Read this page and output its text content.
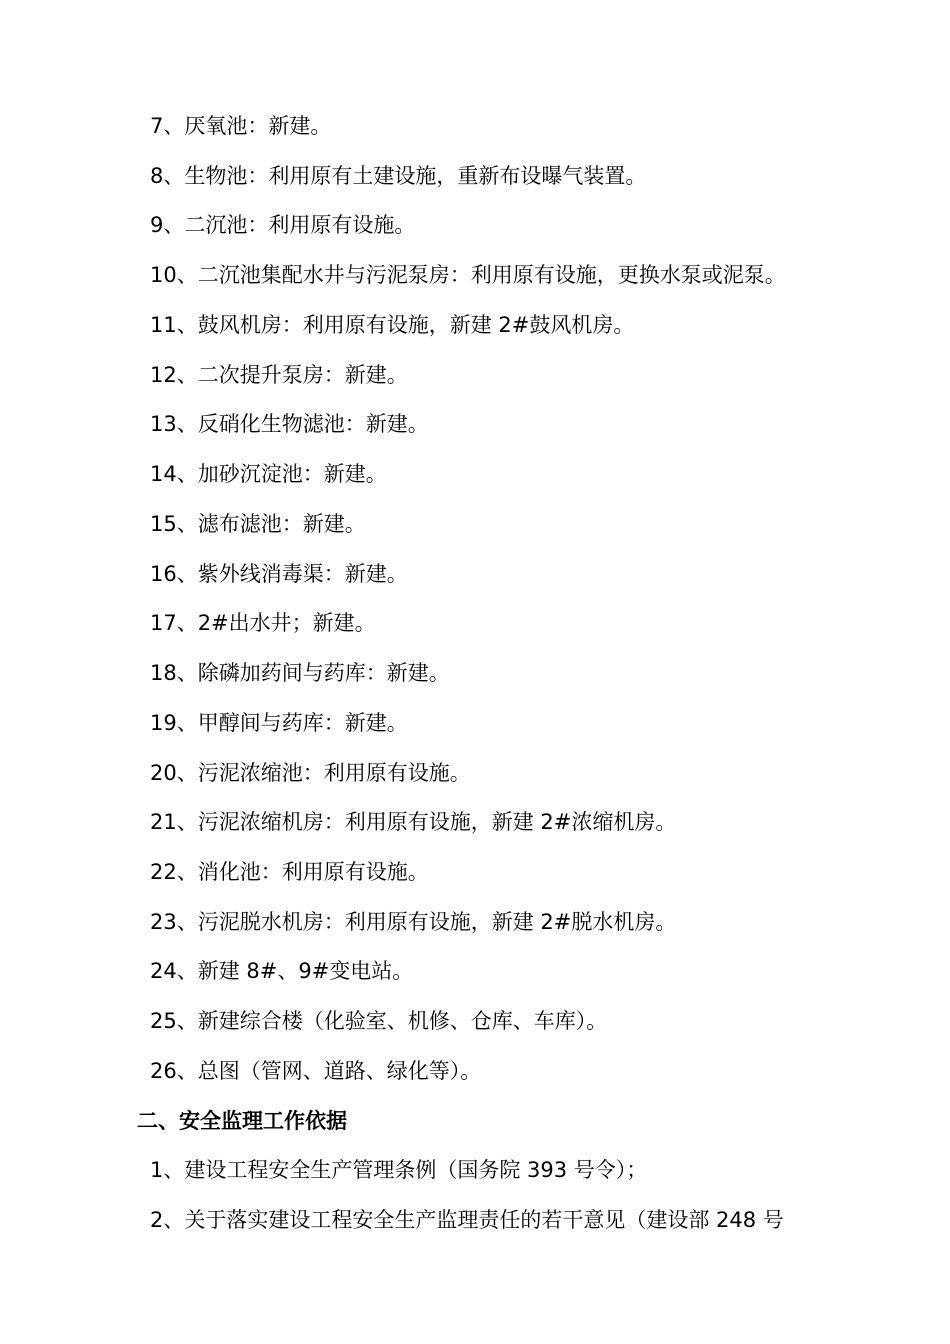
7、厌氧池：新建。
8、生物池：利用原有土建设施，重新布设曝气装置。
9、二沉池：利用原有设施。
10、二沉池集配水井与污泥泵房：利用原有设施，更换水泵或泥泵。
11、鼓风机房：利用原有设施，新建 2#鼓风机房。
12、二次提升泵房：新建。
13、反硝化生物滤池：新建。
14、加砂沉淀池：新建。
15、滤布滤池：新建。
16、紫外线消毒渠：新建。
17、2#出水井；新建。
18、除磷加药间与药库：新建。
19、甲醇间与药库：新建。
20、污泥浓缩池：利用原有设施。
21、污泥浓缩机房：利用原有设施，新建 2#浓缩机房。
22、消化池：利用原有设施。
23、污泥脱水机房：利用原有设施，新建 2#脱水机房。
24、新建 8#、9#变电站。
25、新建综合楼（化验室、机修、仓库、车库）。
26、总图（管网、道路、绿化等）。
二、安全监理工作依据
1、建设工程安全生产管理条例（国务院 393 号令）；
2、关于落实建设工程安全生产监理责任的若干意见（建设部 248 号
